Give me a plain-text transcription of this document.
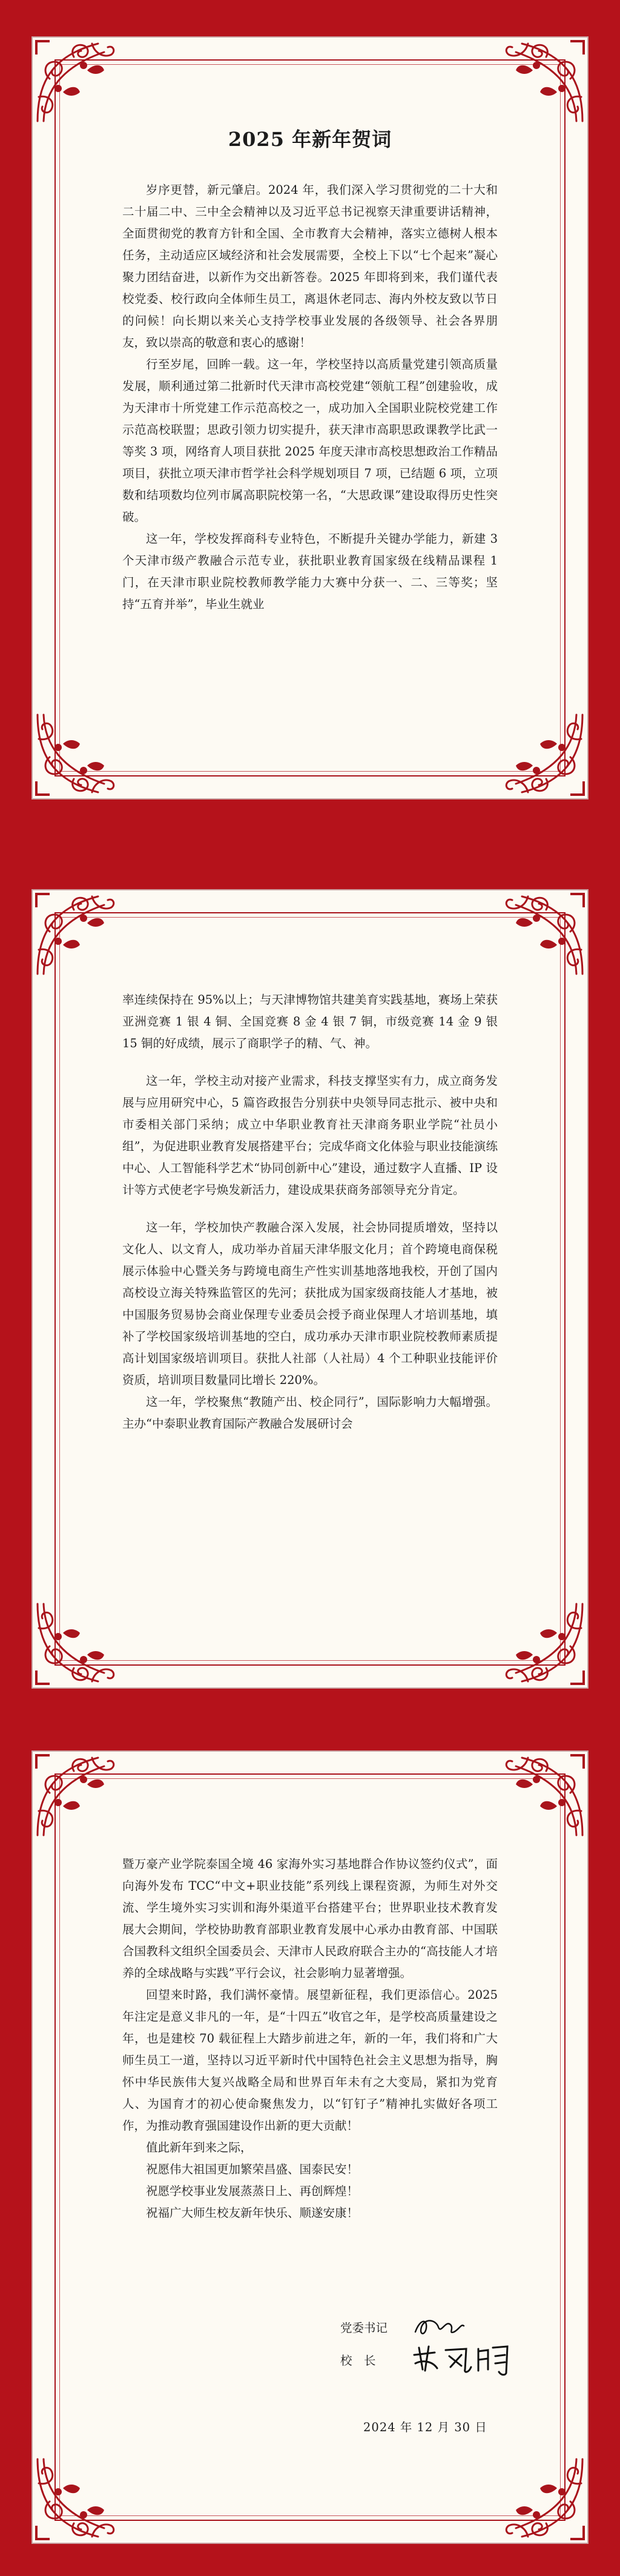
2025 年新年贺词

岁序更替，新元肇启。2024 年，我们深入学习贯彻党的二十大和二十届二中、三中全会精神以及习近平总书记视察天津重要讲话精神，全面贯彻党的教育方针和全国、全市教育大会精神，落实立德树人根本任务，主动适应区域经济和社会发展需要，全校上下以“七个起来”凝心聚力团结奋进，以新作为交出新答卷。2025 年即将到来，我们谨代表校党委、校行政向全体师生员工，离退休老同志、海内外校友致以节日的问候！向长期以来关心支持学校事业发展的各级领导、社会各界朋友，致以崇高的敬意和衷心的感谢！

行至岁尾，回眸一载。这一年，学校坚持以高质量党建引领高质量发展，顺利通过第二批新时代天津市高校党建“领航工程”创建验收，成为天津市十所党建工作示范高校之一，成功加入全国职业院校党建工作示范高校联盟；思政引领力切实提升，获天津市高职思政课教学比武一等奖 3 项，网络育人项目获批 2025 年度天津市高校思想政治工作精品项目，获批立项天津市哲学社会科学规划项目 7 项，已结题 6 项，立项数和结项数均位列市属高职院校第一名，“大思政课”建设取得历史性突破。

这一年，学校发挥商科专业特色，不断提升关键办学能力，新建 3 个天津市级产教融合示范专业，获批职业教育国家级在线精品课程 1 门，在天津市职业院校教师教学能力大赛中分获一、二、三等奖；坚持“五育并举”，毕业生就业

率连续保持在 95%以上；与天津博物馆共建美育实践基地，赛场上荣获亚洲竞赛 1 银 4 铜、全国竞赛 8 金 4 银 7 铜，市级竞赛 14 金 9 银 15 铜的好成绩，展示了商职学子的精、气、神。

这一年，学校主动对接产业需求，科技支撑坚实有力，成立商务发展与应用研究中心，5 篇咨政报告分别获中央领导同志批示、被中央和市委相关部门采纳；成立中华职业教育社天津商务职业学院“社员小组”，为促进职业教育发展搭建平台；完成华商文化体验与职业技能演练中心、人工智能科学艺术“协同创新中心”建设，通过数字人直播、IP 设计等方式使老字号焕发新活力，建设成果获商务部领导充分肯定。

这一年，学校加快产教融合深入发展，社会协同提质增效，坚持以文化人、以文育人，成功举办首届天津华服文化月；首个跨境电商保税展示体验中心暨关务与跨境电商生产性实训基地落地我校，开创了国内高校设立海关特殊监管区的先河；获批成为国家级商技能人才基地，被中国服务贸易协会商业保理专业委员会授予商业保理人才培训基地，填补了学校国家级培训基地的空白，成功承办天津市职业院校教师素质提高计划国家级培训项目。获批人社部（人社局）4 个工种职业技能评价资质，培训项目数量同比增长 220%。

这一年，学校聚焦“教随产出、校企同行”，国际影响力大幅增强。主办“中泰职业教育国际产教融合发展研讨会

暨万豪产业学院泰国全境 46 家海外实习基地群合作协议签约仪式”，面向海外发布 TCC“中文+职业技能”系列线上课程资源，为师生对外交流、学生境外实习实训和海外渠道平台搭建平台；世界职业技术教育发展大会期间，学校协助教育部职业教育发展中心承办由教育部、中国联合国教科文组织全国委员会、天津市人民政府联合主办的“高技能人才培养的全球战略与实践”平行会议，社会影响力显著增强。

回望来时路，我们满怀豪情。展望新征程，我们更添信心。2025 年注定是意义非凡的一年，是“十四五”收官之年，是学校高质量建设之年，也是建校 70 载征程上大踏步前进之年，新的一年，我们将和广大师生员工一道，坚持以习近平新时代中国特色社会主义思想为指导，胸怀中华民族伟大复兴战略全局和世界百年未有之大变局，紧扣为党育人、为国育才的初心使命聚焦发力，以“钉钉子”精神扎实做好各项工作，为推动教育强国建设作出新的更大贡献！

值此新年到来之际，

祝愿伟大祖国更加繁荣昌盛、国泰民安！

祝愿学校事业发展蒸蒸日上、再创辉煌！

祝福广大师生校友新年快乐、顺遂安康！

党委书记
校　长
2024 年 12 月 30 日
